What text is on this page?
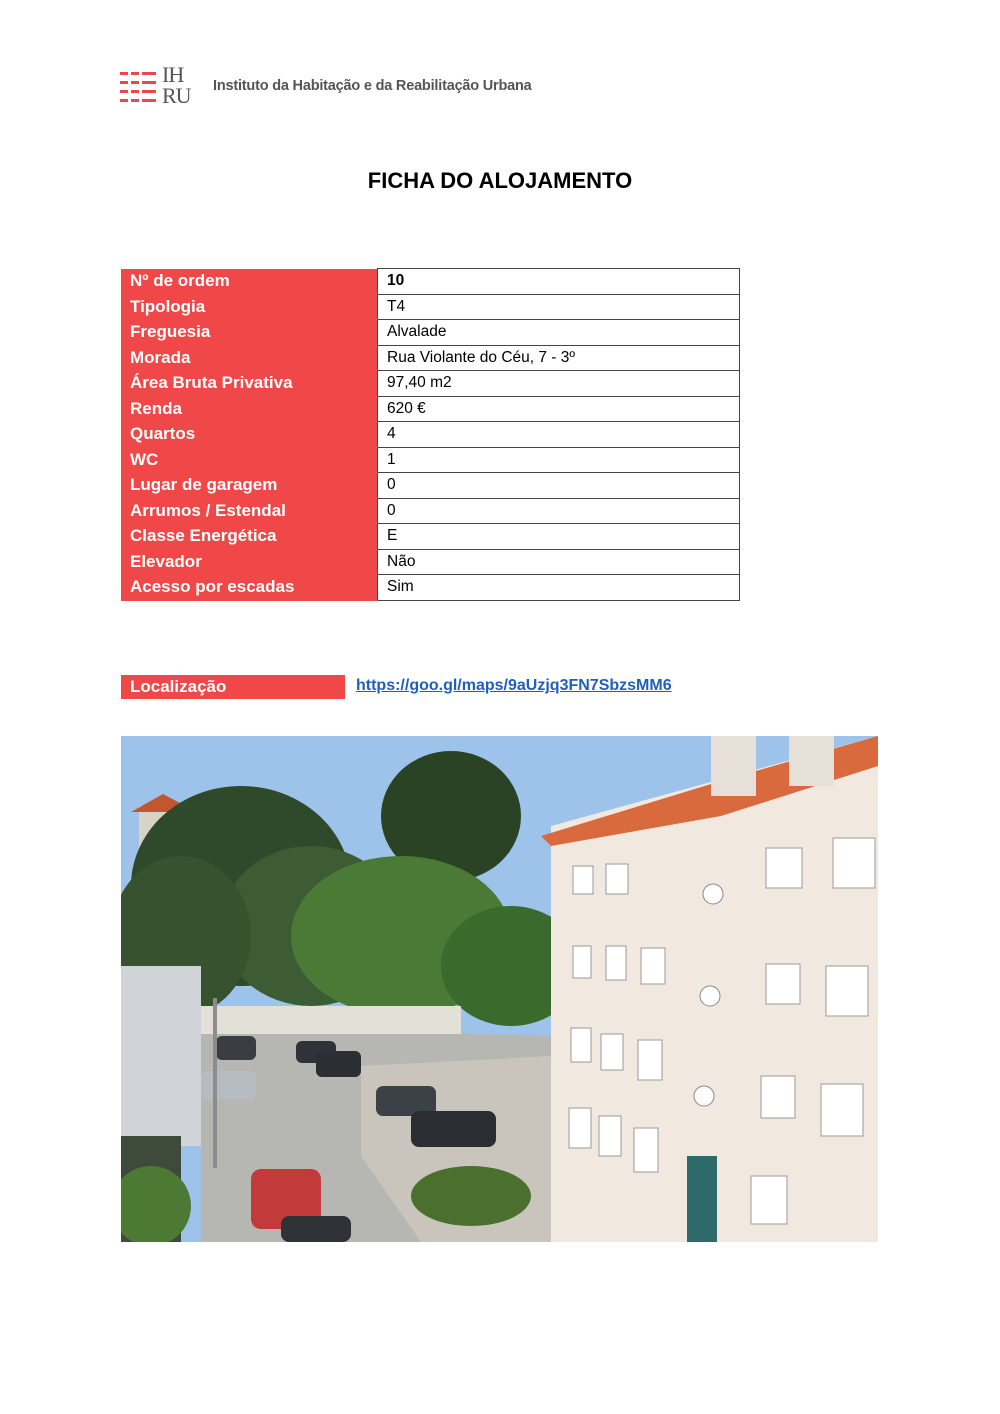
IH
RU	Instituto da Habitação e da Reabilitação Urbana
FICHA DO ALOJAMENTO
Nº de ordem	10
Tipologia	T4
Freguesia	Alvalade
Morada	Rua Violante do Céu, 7 - 3º
Área Bruta Privativa	97,40 m2
Renda	620 €
Quartos	4
WC	1
Lugar de garagem	0
Arrumos / Estendal	0
Classe Energética	E
Elevador	Não
Acesso por escadas	Sim
Localização	https://goo.gl/maps/9aUzjq3FN7SbzsMM6
